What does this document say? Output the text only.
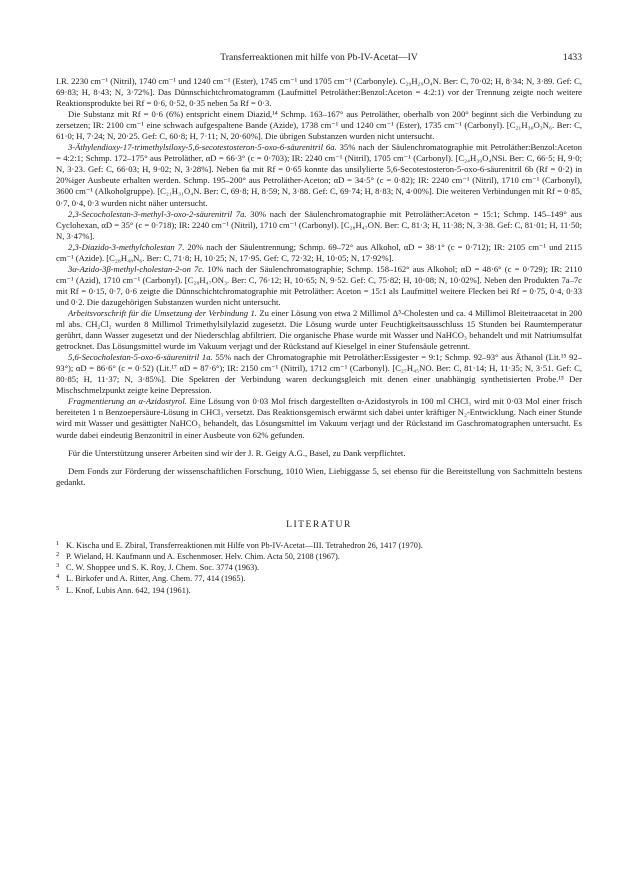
Transferreaktionen mit hilfe von Pb-IV-Acetat—IV	1433

I.R. 2230 cm⁻¹ (Nitril), 1740 cm⁻¹ und 1240 cm⁻¹ (Ester), 1745 cm⁻¹ und 1705 cm⁻¹ (Carbonyle). C₂₉H₂₉O₄N. Ber: C, 70·02; H, 8·34; N, 3·89. Gef: C, 69·83; H, 8·43; N, 3·72%]. Das Dünnschichtchromatogramm (Laufmittel Petroläther:Benzol:Aceton = 4:2:1) vor der Trennung zeigte noch weitere Reaktionsprodukte bei Rf = 0·6, 0·52, 0·35 neben 5a Rf = 0·3.

Die Substanz mit Rf = 0·6 (6%) entspricht einem Diazid,¹⁴ Schmp. 163–167° aus Petroläther, oberhalb von 200° beginnt sich die Verbindung zu zersetzen; IR: 2100 cm⁻¹ eine schwach aufgespaltene Bande (Azide), 1738 cm⁻¹ und 1240 cm⁻¹ (Ester), 1735 cm⁻¹ (Carbonyl). [C₂₁H₃₀O₃N₆. Ber: C, 61·0; H, 7·24; N, 20·25. Gef: C, 60·8; H, 7·11; N, 20·60%]. Die übrigen Substanzen wurden nicht untersucht.

3-Äthylendioxy-17-trimethylsiloxy-5,6-secotestosteron-5-oxo-6-säurenitril 6a. 35% nach der Säulenchromatographie mit Petroläther:Benzol:Aceton = 4:2:1; Schmp. 172–175° aus Petroläther, αD = 66·3° (c = 0·703); IR: 2240 cm⁻¹ (Nitril), 1705 cm⁻¹ (Carbonyl). [C₂₄H₃₉O₄NSi. Ber: C, 66·5; H, 9·0; N, 3·23. Gef: C, 66·03; H, 9·02; N, 3·28%]. Neben 6a mit Rf = 0·65 konnte das unsilylierte 5,6-Secotestosteron-5-oxo-6-säurenitril 6b (Rf = 0·2) in 20%iger Ausbeute erhalten werden. Schmp. 195–200° aus Petroläther-Aceton; αD = 34·5° (c = 0·82); IR: 2240 cm⁻¹ (Nitril), 1710 cm⁻¹ (Carbonyl), 3600 cm⁻¹ (Alkoholgruppe). [C₂₁H₃₁O₄N. Ber: C, 69·8; H, 8·59; N, 3·88. Gef: C, 69·74; H, 8·83; N, 4·00%]. Die weiteren Verbindungen mit Rf = 0·85, 0·7, 0·4, 0·3 wurden nicht näher untersucht.

2,3-Secocholestan-3-methyl-3-oxo-2-säurenitril 7a. 30% nach der Säulenchromatographie mit Petroläther:Aceton = 15:1; Schmp. 145–149° aus Cyclohexan, αD = 35° (c = 0·718); IR: 2240 cm⁻¹ (Nitril), 1710 cm⁻¹ (Carbonyl). [C₂₈H₄₇ON. Ber: C, 81·3; H, 11·38; N, 3·38. Gef: C, 81·01; H, 11·50; N, 3·47%].

2,3-Diazido-3-methylcholestan 7. 20% nach der Säulentrennung; Schmp. 69–72° aus Alkohol, αD = 38·1° (c = 0·712); IR: 2105 cm⁻¹ und 2115 cm⁻¹ (Azide). [C₂₈H₄₈N₆. Ber: C, 71·8; H, 10·25; N, 17·95. Gef: C, 72·32; H, 10·05; N, 17·92%].

3α-Azido-3β-methyl-cholestan-2-on 7c. 10% nach der Säulenchromatographie; Schmp. 158–162° aus Alkohol; αD = 48·6° (c = 0·729); IR: 2110 cm⁻¹ (Azid), 1710 cm⁻¹ (Carbonyl). [C₂₈H₄₇ON₃. Ber: C, 76·12; H, 10·65; N, 9·52. Gef: C, 75·82; H, 10·08; N, 10·02%]. Neben den Produkten 7a–7c mit Rf = 0·15, 0·7, 0·6 zeigte die Dünnschichtchromatographie mit Petroläther: Aceton = 15:1 als Laufmittel weitere Flecken bei Rf = 0·75, 0·4, 0·33 und 0·2. Die dazugehörigen Substanzen wurden nicht untersucht.

Arbeitsvorschrift für die Umsetzung der Verbindung 1. Zu einer Lösung von etwa 2 Millimol Δ⁵-Cholesten und ca. 4 Millimol Bleitetraacetat in 200 ml abs. CH₂Cl₂ wurden 8 Millimol Trimethylsilylazid zugesetzt. Die Lösung wurde unter Feuchtigkeitsausschluss 15 Stunden bei Raumtemperatur gerührt, dann Wasser zugesetzt und der Niederschlag abfiltriert. Die organische Phase wurde mit Wasser und NaHCO₃ behandelt und mit Natriumsulfat getrocknet. Das Lösungsmittel wurde im Vakuum verjagt und der Rückstand auf Kieselgel in einer Stufensäule getrennt.

5,6-Secocholestan-5-oxo-6-säurenitril 1a. 55% nach der Chromatographie mit Petroläther:Essigester = 9:1; Schmp. 92–93° aus Äthanol (Lit.¹⁵ 92–93°); αD = 86·6° (c = 0·52) (Lit.¹⁷ αD = 87·6°); IR: 2150 cm⁻¹ (Nitril), 1712 cm⁻¹ (Carbonyl). [C₂₇H₄₅NO. Ber: C, 81·14; H, 11·35; N, 3·51. Gef: C, 80·85; H, 11·37; N, 3·85%]. Die Spektren der Verbindung waren deckungsgleich mit denen einer unabhängig synthetisierten Probe.¹⁵ Der Mischschmelzpunkt zeigte keine Depression.

Fragmentierung an α-Azidostyrol. Eine Lösung von 0·03 Mol frisch dargestellten α-Azidostyrols in 100 ml CHCl₃ wird mit 0·03 Mol einer frisch bereiteten 1 n Benzoepersäure-Lösung in CHCl₃ versetzt. Das Reaktionsgemisch erwärmt sich dabei unter kräftiger N₂-Entwicklung. Nach einer Stunde wird mit Wasser und gesättigter NaHCO₃ behandelt, das Lösungsmittel im Vakuum verjagt und der Rückstand im Gaschromatographen untersucht. Es wurde dabei eindeutig Benzonitril in einer Ausbeute von 62% gefunden.

Für die Unterstützung unserer Arbeiten sind wir der J. R. Geigy A.G., Basel, zu Dank verpflichtet.

Dem Fonds zur Förderung der wissenschaftlichen Forschung, 1010 Wien, Liebiggasse 5, sei ebenso für die Bereitstellung von Sachmitteln bestens gedankt.

LITERATUR
1 K. Kischa und E. Zbiral, Transferreaktionen mit Hilfe von Pb-IV-Acetat—III. Tetrahedron 26, 1417 (1970).
2 P. Wieland, H. Kaufmann und A. Eschenmoser. Helv. Chim. Acta 50, 2108 (1967).
3 C. W. Shoppee und S. K. Roy, J. Chem. Soc. 3774 (1963).
4 L. Birkofer und A. Ritter, Ang. Chem. 77, 414 (1965).
5 L. Knof, Lubis Ann. 642, 194 (1961).
